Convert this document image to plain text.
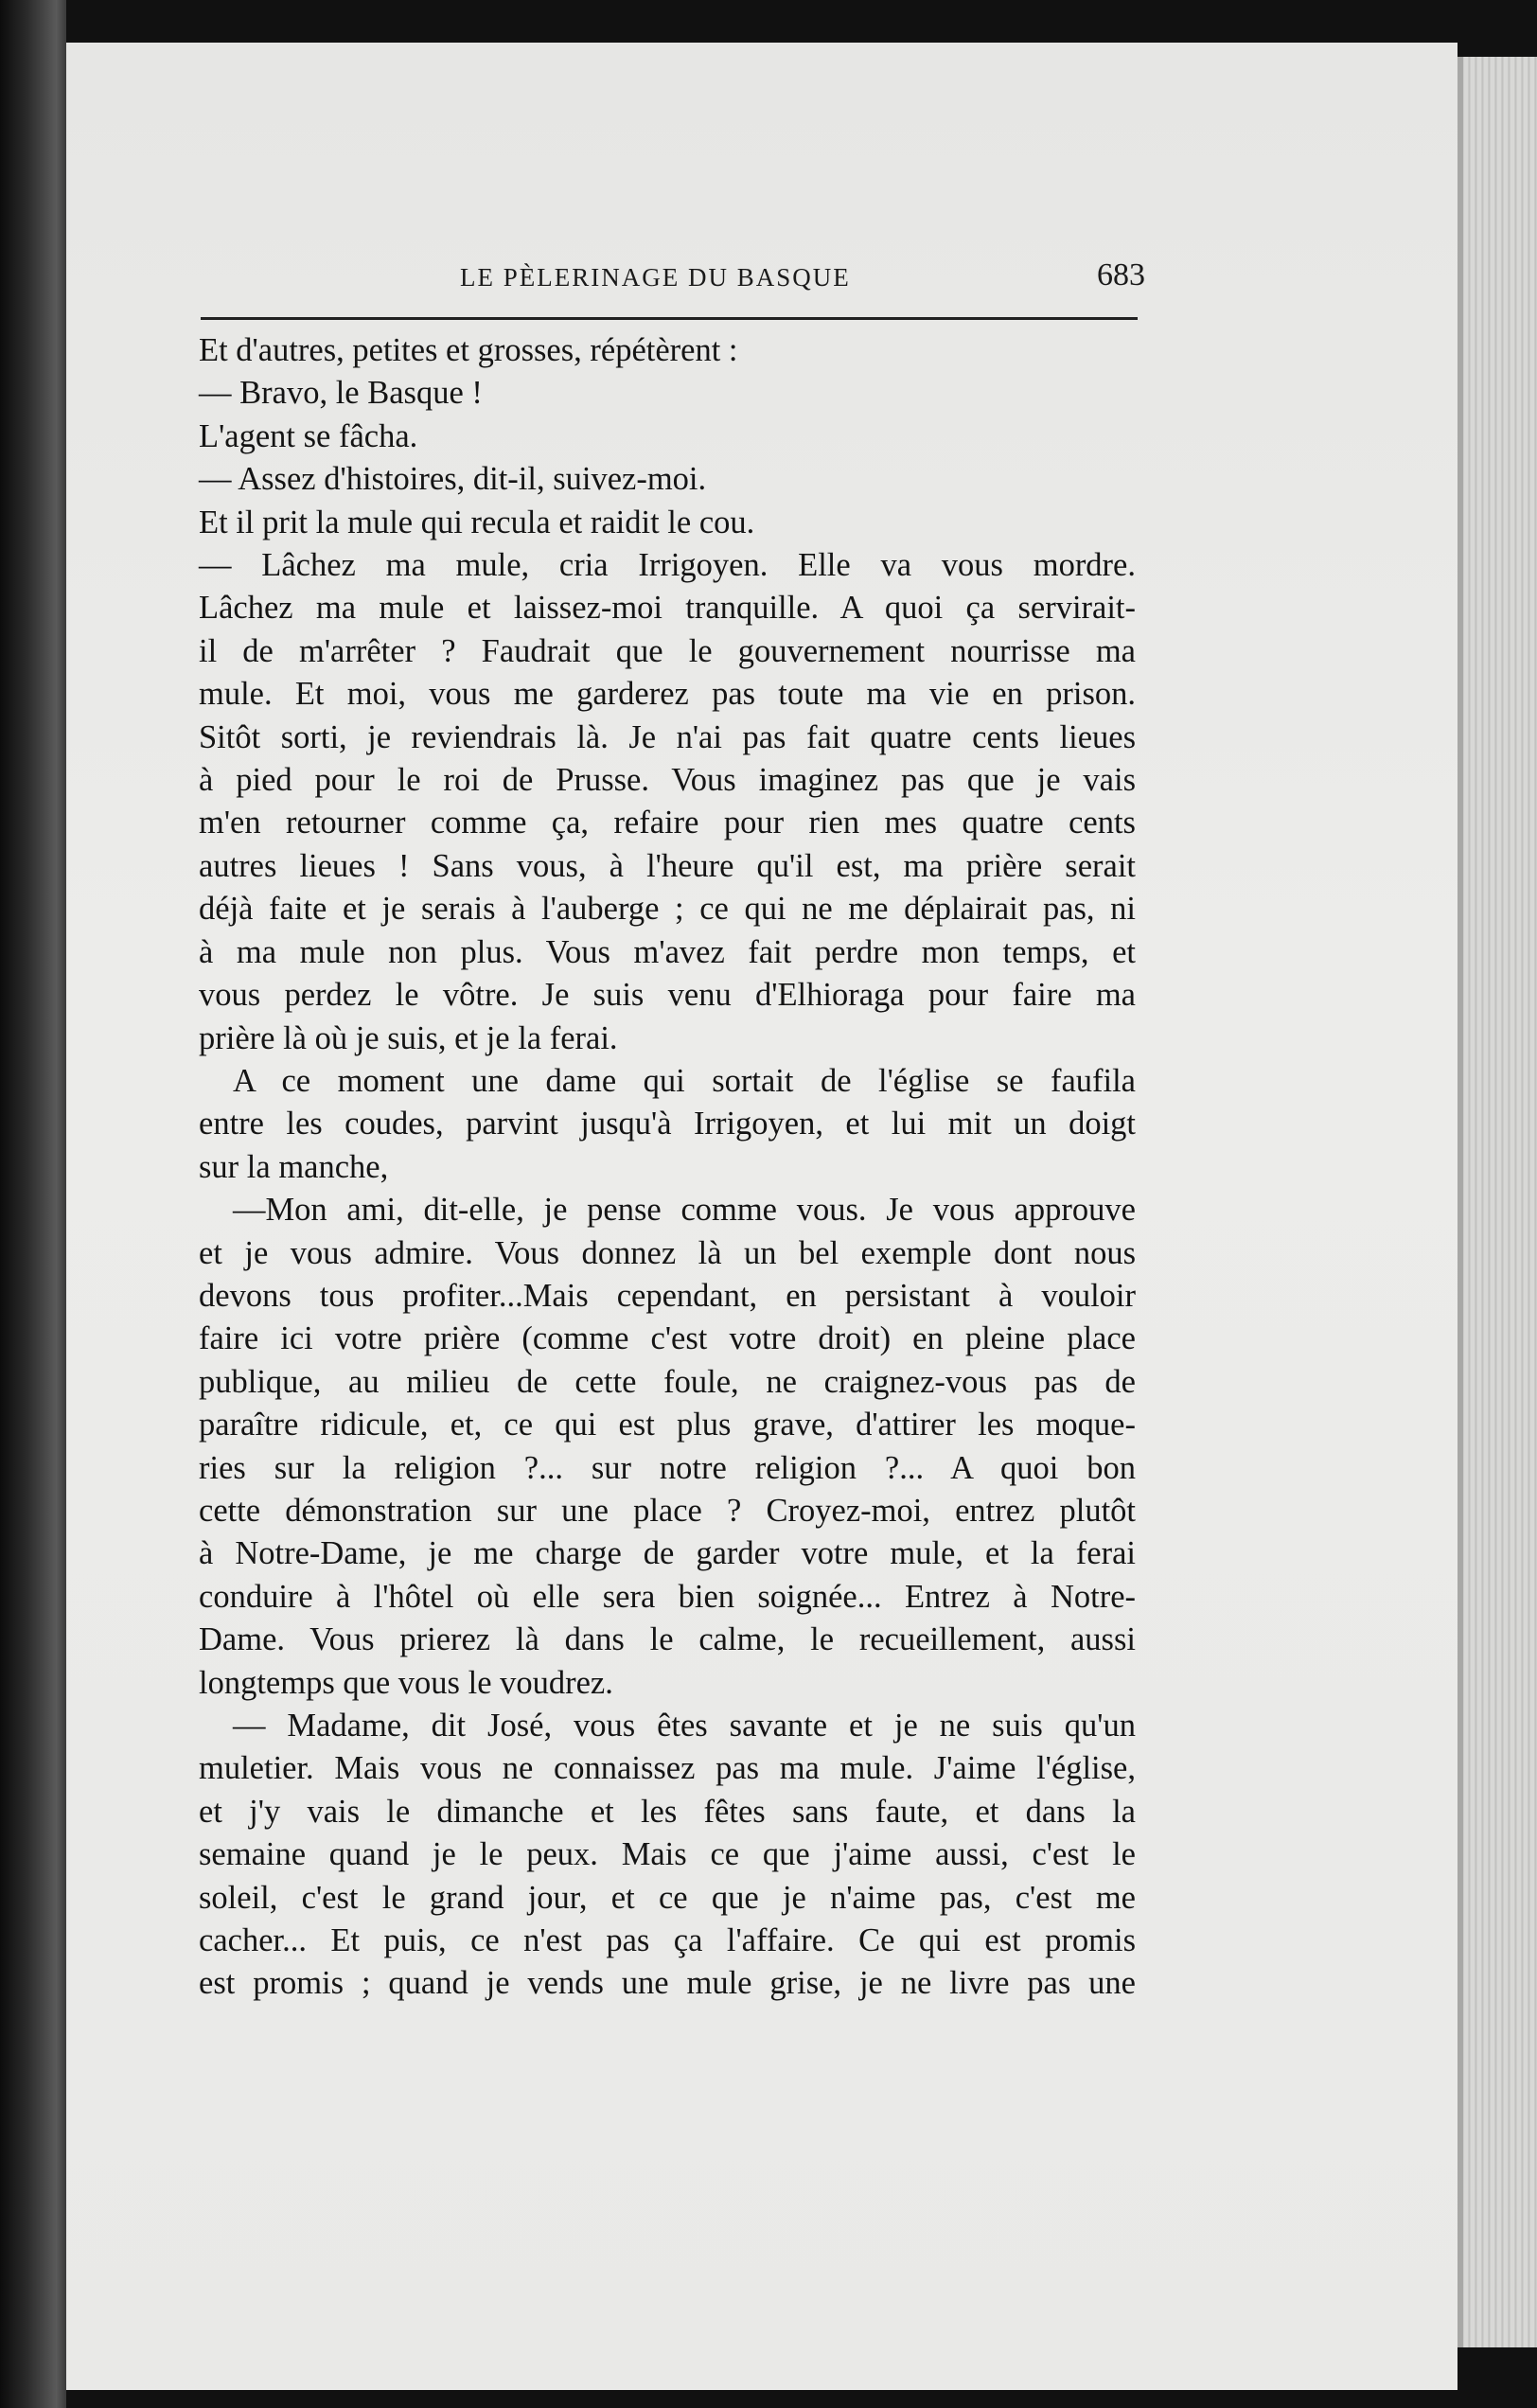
LE PÈLERINAGE DU BASQUE	683
Et d'autres, petites et grosses, répétèrent :
— Bravo, le Basque !
L'agent se fâcha.
— Assez d'histoires, dit-il, suivez-moi.
Et il prit la mule qui recula et raidit le cou.
— Lâchez ma mule, cria Irrigoyen. Elle va vous mordre.
Lâchez ma mule et laissez-moi tranquille. A quoi ça servirait-
il de m'arrêter ? Faudrait que le gouvernement nourrisse ma
mule. Et moi, vous me garderez pas toute ma vie en prison.
Sitôt sorti, je reviendrais là. Je n'ai pas fait quatre cents lieues
à pied pour le roi de Prusse. Vous imaginez pas que je vais
m'en retourner comme ça, refaire pour rien mes quatre cents
autres lieues ! Sans vous, à l'heure qu'il est, ma prière serait
déjà faite et je serais à l'auberge ; ce qui ne me déplairait pas, ni
à ma mule non plus. Vous m'avez fait perdre mon temps, et
vous perdez le vôtre. Je suis venu d'Elhioraga pour faire ma
prière là où je suis, et je la ferai.
A ce moment une dame qui sortait de l'église se faufila
entre les coudes, parvint jusqu'à Irrigoyen, et lui mit un doigt
sur la manche,
—Mon ami, dit-elle, je pense comme vous. Je vous approuve
et je vous admire. Vous donnez là un bel exemple dont nous
devons tous profiter...Mais cependant, en persistant à vouloir
faire ici votre prière (comme c'est votre droit) en pleine place
publique, au milieu de cette foule, ne craignez-vous pas de
paraître ridicule, et, ce qui est plus grave, d'attirer les moque-
ries sur la religion ?... sur notre religion ?... A quoi bon
cette démonstration sur une place ? Croyez-moi, entrez plutôt
à Notre-Dame, je me charge de garder votre mule, et la ferai
conduire à l'hôtel où elle sera bien soignée... Entrez à Notre-
Dame. Vous prierez là dans le calme, le recueillement, aussi
longtemps que vous le voudrez.
— Madame, dit José, vous êtes savante et je ne suis qu'un
muletier. Mais vous ne connaissez pas ma mule. J'aime l'église,
et j'y vais le dimanche et les fêtes sans faute, et dans la
semaine quand je le peux. Mais ce que j'aime aussi, c'est le
soleil, c'est le grand jour, et ce que je n'aime pas, c'est me
cacher... Et puis, ce n'est pas ça l'affaire. Ce qui est promis
est promis ; quand je vends une mule grise, je ne livre pas une
